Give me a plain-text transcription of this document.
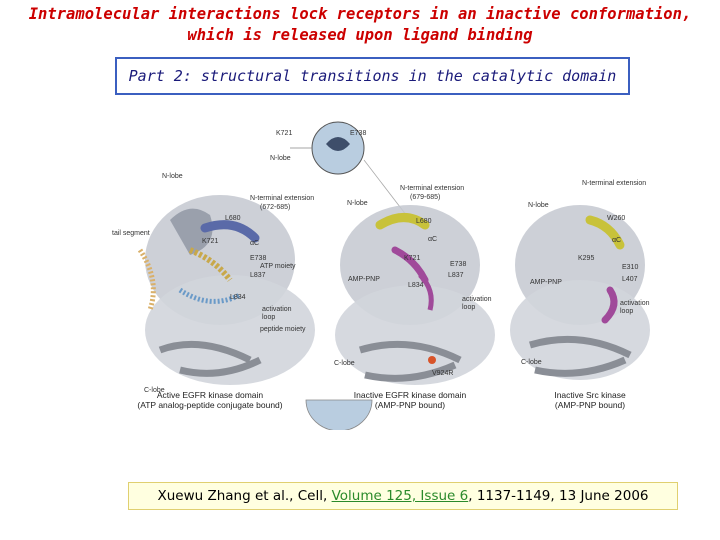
Intramolecular interactions lock receptors in an inactive conformation,
which is released upon ligand binding
Part 2: structural transitions in the catalytic domain
K721	E738
N-lobe
N-lobe
N-terminal extension
(672-685)
L680
αC
tail segment
K721
E738
ATP moiety
L837
L834
activation
loop
peptide moiety
C-lobe
N-terminal extension
(679-685)
N-lobe
L680
αC
K721
E738
AMP-PNP
L837
L834
activation
loop
C-lobe
V924R
N-terminal extension
N-lobe
W260
αC
K295
E310
AMP-PNP	L407
activation
loop
C-lobe
Active EGFR kinase domain
(ATP analog-peptide conjugate bound)
Inactive EGFR kinase domain
(AMP-PNP bound)
Inactive Src kinase
(AMP-PNP bound)
Xuewu Zhang et al., Cell, Volume 125, Issue 6 , 1137-1149, 13 June 2006
